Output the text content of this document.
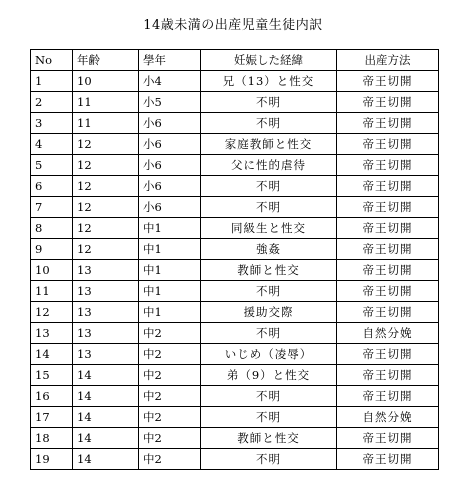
14歳未満の出産児童生徒内訳
No	年齢	學年	妊娠した経緯	出産方法
1	10	小4	兄（13）と性交	帝王切開
2	11	小5	不明	帝王切開
3	11	小6	不明	帝王切開
4	12	小6	家庭教師と性交	帝王切開
5	12	小6	父に性的虐待	帝王切開
6	12	小6	不明	帝王切開
7	12	小6	不明	帝王切開
8	12	中1	同級生と性交	帝王切開
9	12	中1	強姦	帝王切開
10	13	中1	教師と性交	帝王切開
11	13	中1	不明	帝王切開
12	13	中1	援助交際	帝王切開
13	13	中2	不明	自然分娩
14	13	中2	いじめ（凌辱）	帝王切開
15	14	中2	弟（9）と性交	帝王切開
16	14	中2	不明	帝王切開
17	14	中2	不明	自然分娩
18	14	中2	教師と性交	帝王切開
19	14	中2	不明	帝王切開
